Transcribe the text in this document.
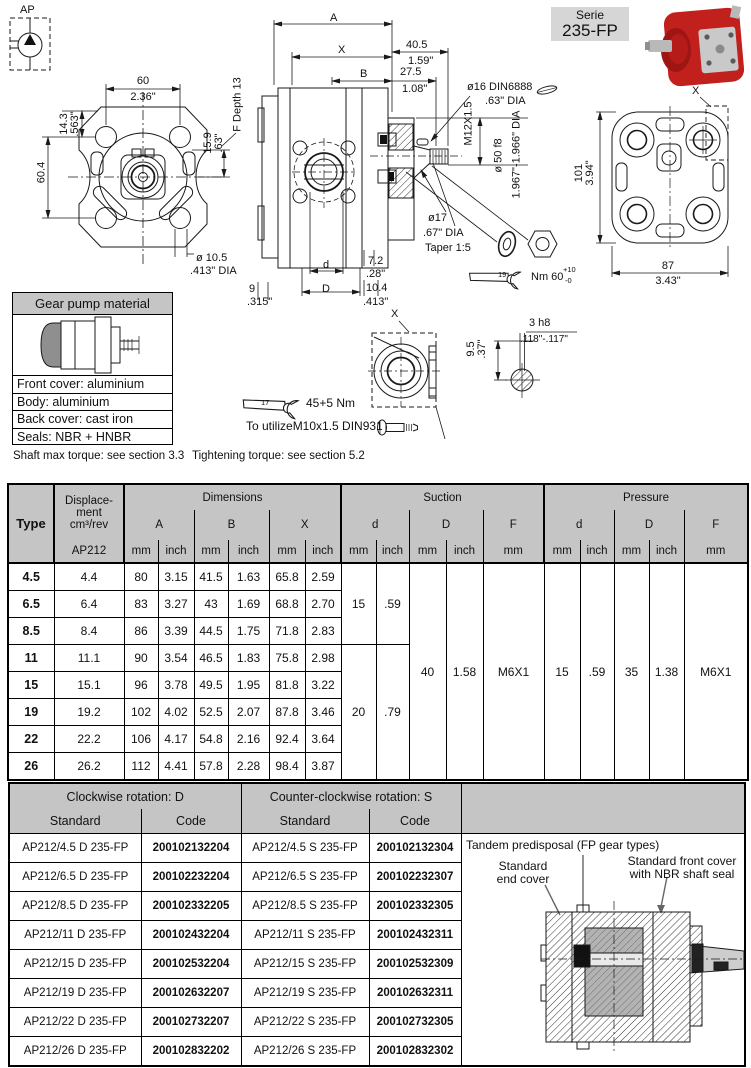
AP
60
2.36"
14.3 .563"
60.4
15.9 .63"
F Depth 13
ø 10.5
.413" DIA
A
X
B
40.5
1.59"
27.5
1.08"	ø16 DIN6888
.63" DIA
M12X1.5
ø 50 f8 1.967"-1.966" DIA
ø17
.67" DIA
Taper 1:5
d	7.2
.28"
D	10.4
.413"
9
.315"
19 Nm 60
+10
-0
X
101 3.94"
87
3.43"
Serie
235-FP
Gear pump material
Front cover: aluminium
Body: aluminium
Back cover: cast iron
Seals: NBR + HNBR
Shaft max torque: see section 3.3
X
17	45+5 Nm
To utilizeM10x1.5 DIN931
Tightening torque: see section 5.2
3 h8
.118"-.117"
9.5 .37"
Type	Displace-
ment
cm³/rev	Dimensions						Suction					Pressure				
		A		B		X		d		D		F	d		D		F
	AP212	mm	inch	mm	inch	mm	inch	mm	inch	mm	inch	mm	mm	inch	mm	inch	mm
4.5	4.4	80	3.15	41.5	1.63	65.8	2.59	15	.59	40	1.58	M6X1	15	.59	35	1.38	M6X1
6.5	6.4	83	3.27	43	1.69	68.8	2.70										
8.5	8.4	86	3.39	44.5	1.75	71.8	2.83										
11	11.1	90	3.54	46.5	1.83	75.8	2.98	20	.79								
15	15.1	96	3.78	49.5	1.95	81.8	3.22										
19	19.2	102	4.02	52.5	2.07	87.8	3.46										
22	22.2	106	4.17	54.8	2.16	92.4	3.64										
26	26.2	112	4.41	57.8	2.28	98.4	3.87										
Clockwise rotation: D		Counter-clockwise rotation: S		
Standard	Code	Standard	Code	
AP212/4.5 D 235-FP	200102132204	AP212/4.5 S 235-FP	200102132304	
AP212/6.5 D 235-FP	200102232204	AP212/6.5 S 235-FP	200102232307	
AP212/8.5 D 235-FP	200102332205	AP212/8.5 S 235-FP	200102332305	
AP212/11 D 235-FP	200102432204	AP212/11 S 235-FP	200102432311	
AP212/15 D 235-FP	200102532204	AP212/15 S 235-FP	200102532309	
AP212/19 D 235-FP	200102632207	AP212/19 S 235-FP	200102632311	
AP212/22 D 235-FP	200102732207	AP212/22 S 235-FP	200102732305	
AP212/26 D 235-FP	200102832202	AP212/26 S 235-FP	200102832302	
Tandem predisposal (FP gear types)
Standard end cover
Standard front cover with NBR shaft seal
